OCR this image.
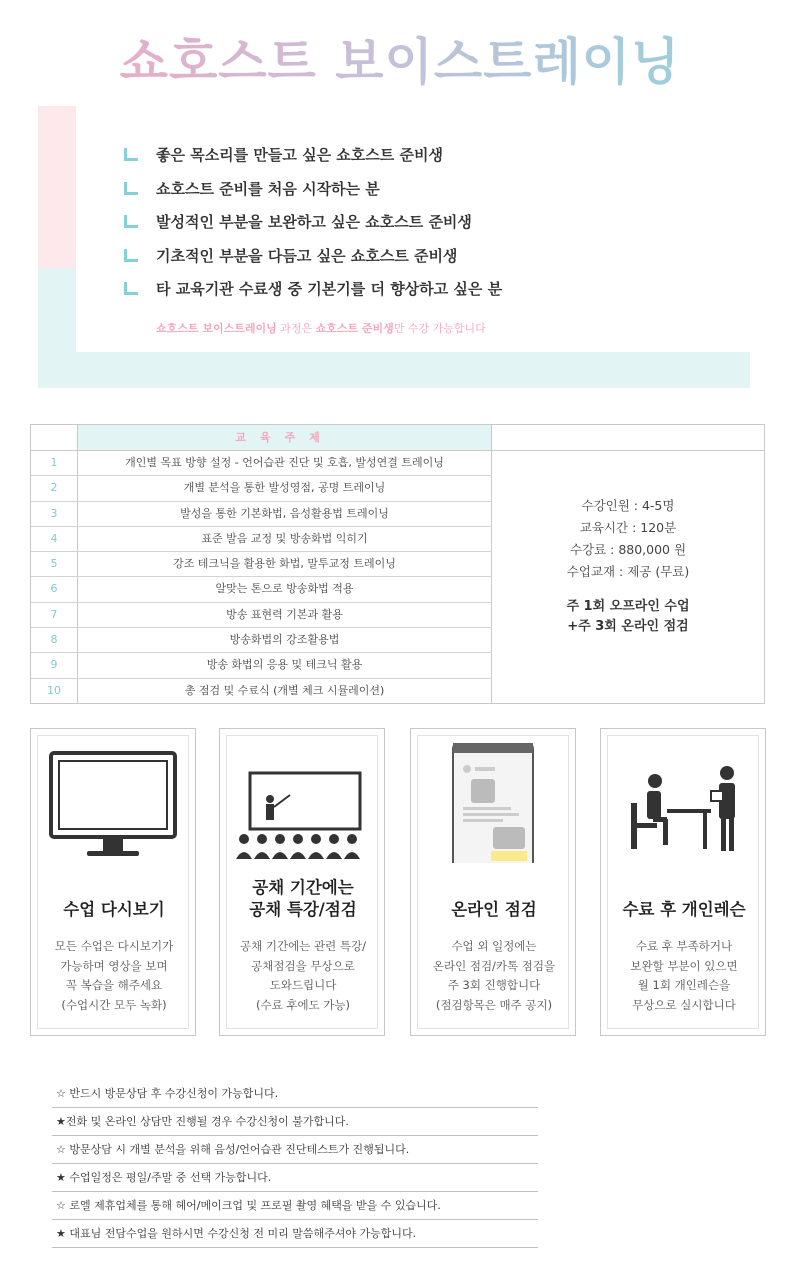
쇼호스트 보이스트레이닝
좋은 목소리를 만들고 싶은 쇼호스트 준비생
쇼호스트 준비를 처음 시작하는 분
발성적인 부분을 보완하고 싶은 쇼호스트 준비생
기초적인 부분을 다듬고 싶은 쇼호스트 준비생
타 교육기관 수료생 중 기본기를 더 향상하고 싶은 분

쇼호스트 보이스트레이닝 과정은 쇼호스트 준비생만 수강 가능합니다

교육주제
1	개인별 목표 방향 설정 - 언어습관 진단 및 호흡, 발성연결 트레이닝
2	개별 분석을 통한 발성영점, 공명 트레이닝
3	발성을 통한 기본화법, 음성활용법 트레이닝
4	표준 발음 교정 및 방송화법 익히기
5	강조 테크닉을 활용한 화법, 말투교정 트레이닝
6	알맞는 톤으로 방송화법 적용
7	방송 표현력 기본과 활용
8	방송화법의 강조활용법
9	방송 화법의 응용 및 테크닉 활용
10	총 점검 및 수료식 (개별 체크 시뮬레이션)
수강인원 : 4-5명
교육시간 : 120분
수강료 : 880,000 원
수업교재 : 제공 (무료)
주 1회 오프라인 수업
+주 3회 온라인 점검
수업 다시보기
모든 수업은 다시보기가
가능하며 영상을 보며
꼭 복습을 해주세요
(수업시간 모두 녹화)
공채 기간에는
공채 특강/점검
공채 기간에는 관련 특강/
공채점검을 무상으로
도와드립니다
(수료 후에도 가능)
온라인 점검
수업 외 일정에는
온라인 점검/카톡 점검을
주 3회 진행합니다
(점검항목은 매주 공지)
수료 후 개인레슨
수료 후 부족하거나
보완할 부분이 있으면
월 1회 개인레슨을
무상으로 실시합니다
☆ 반드시 방문상담 후 수강신청이 가능합니다.
★전화 및 온라인 상담만 진행될 경우 수강신청이 불가합니다.
☆ 방문상담 시 개별 분석을 위해 음성/언어습관 진단테스트가 진행됩니다.
★ 수업일정은 평일/주말 중 선택 가능합니다.
☆ 로엘 제휴업체를 통해 헤어/메이크업 및 프로필 촬영 혜택을 받을 수 있습니다.
★ 대표님 전담수업을 원하시면 수강신청 전 미리 말씀해주셔야 가능합니다.
